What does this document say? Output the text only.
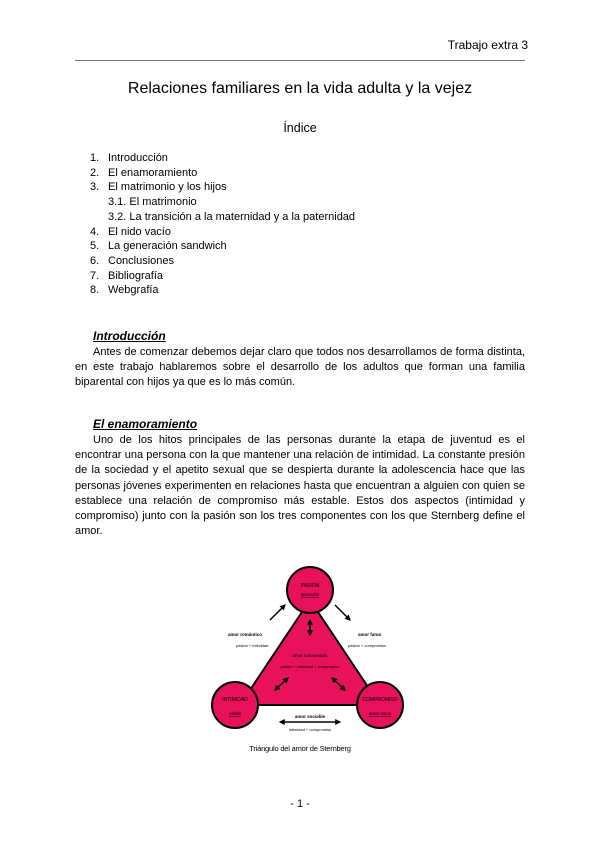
Trabajo extra 3
Relaciones familiares en la vida adulta y la vejez
Índice
1. Introducción
2. El enamoramiento
3. El matrimonio y los hijos
3.1. El matrimonio
3.2. La transición a la maternidad y a la paternidad
4. El nido vacío
5. La generación sandwich
6. Conclusiones
7. Bibliografía
8. Webgrafía
Introducción

Antes de comenzar debemos dejar claro que todos nos desarrollamos de forma distinta, en este trabajo hablaremos sobre el desarrollo de los adultos que forman una familia biparental con hijos ya que es lo más común.

El enamoramiento

Uno de los hitos principales de las personas durante la etapa de juventud es el encontrar una persona con la que mantener una relación de intimidad. La constante presión de la sociedad y el apetito sexual que se despierta durante la adolescencia hace que las personas jóvenes experimenten en relaciones hasta que encuentran a alguien con quien se establece una relación de compromiso más estable. Estos dos aspectos (intimidad y compromiso) junto con la pasión son los tres componentes con los que Sternberg define el amor.

PASIÓN
atracción
INTIMIDAD
cariño
COMPROMISO
amor vacío
amor consumado
pasión + intimidad + compromiso
amor romántico
pasión + intimidad
amor fatuo
pasión + compromiso
amor sociable
intimidad + compromiso
Triángulo del amor de Sternberg
- 1 -
